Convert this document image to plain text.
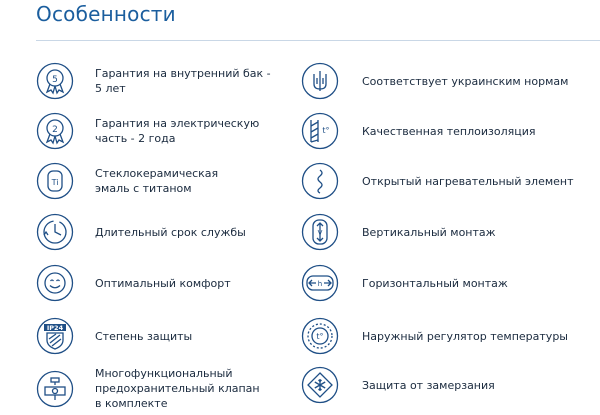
Особенности
5	Гарантия на внутренний бак -
5 лет
2	Гарантия на электрическую
часть - 2 года
Ti
Стеклокерамическая
эмаль с титаном
Длительный срок службы
Оптимальный комфорт
IP24
Степень защиты
Многофункциональный
предохранительный клапан
в комплекте
Соответствует украинским нормам
t°	Качественная теплоизоляция
Открытый нагревательный элемент
V	Вертикальный монтаж
h	Горизонтальный монтаж
t°	Наружный регулятор температуры
Защита от замерзания
